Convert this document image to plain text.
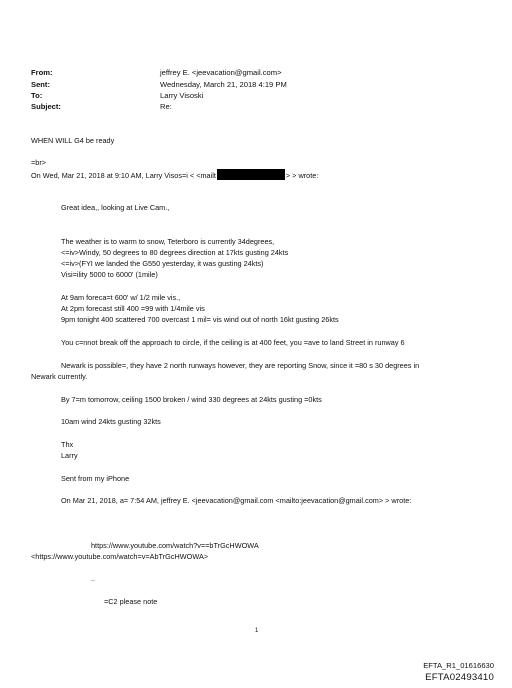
From:	jeffrey E. <jeevacation@gmail.com>
Sent:	Wednesday, March 21, 2018 4:19 PM
To:	Larry Visoski
Subject:	Re:
WHEN WILL G4 be ready
=br>
On Wed, Mar 21, 2018 at 9:10 AM, Larry Visos=i < <mailt	> > wrote:
Great idea,, looking at Live Cam.,
The weather is to warm to snow, Teterboro is currently 34degrees,
<=iv>Windy, 50 degrees to 80 degrees direction at 17kts gusting 24kts
<=iv>(FYI we landed the G550 yesterday, it was gusting 24kts)
Visi=ility 5000 to 6000' (1mile)
At 9am foreca=t 600' w/ 1/2 mile vis.,
At 2pm forecast still 400 =99 with 1/4mile vis
9pm tonight 400 scattered 700 overcast 1 mil= vis wind out of north 16kt gusting 26kts
You c=nnot break off the approach to circle, if the ceiling is at 400 feet, you =ave to land Street in runway 6
Newark is possible=, they have 2 north runways however, they are reporting Snow, since it =80 s 30 degrees in
Newark currently.
By 7=m tomorrow, ceiling 1500 broken / wind 330 degrees at 24kts gusting =0kts
10am wind 24kts gusting 32kts
Thx
Larry
Sent from my iPhone
On Mar 21, 2018, a= 7:54 AM, jeffrey E. <jeevacation@gmail.com <mailto:jeevacation@gmail.com> > wrote:
https://www.youtube.com/watch?v==bTrGcHWOWA
<https://www.youtube.com/watch=v=AbTrGcHWOWA>
..
=C2 please note
1
EFTA_R1_01616630
EFTA02493410
